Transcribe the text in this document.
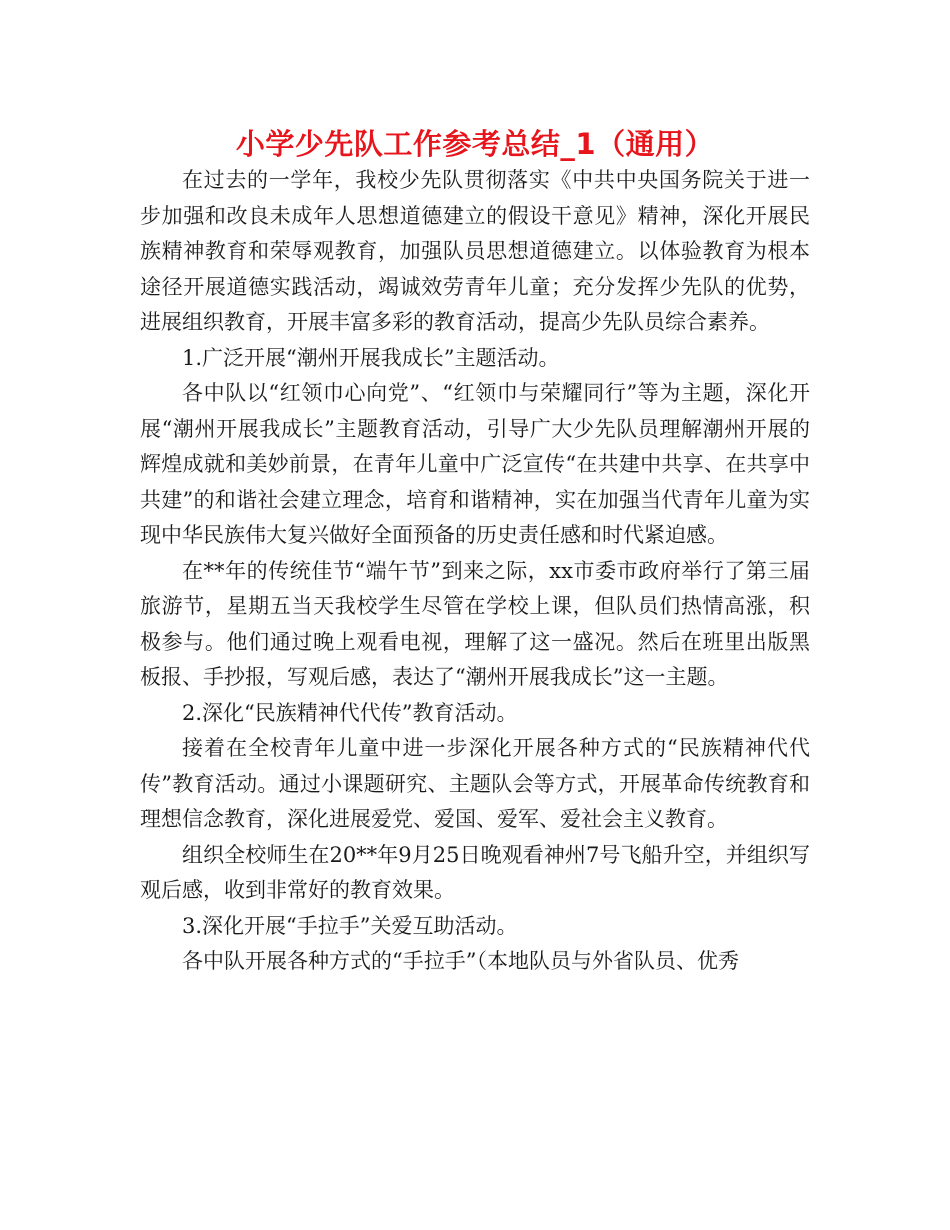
小学少先队工作参考总结_1（通用）

在过去的一学年，我校少先队贯彻落实《中共中央国务院关于进一步加强和改良未成年人思想道德建立的假设干意见》精神，深化开展民族精神教育和荣辱观教育，加强队员思想道德建立。以体验教育为根本途径开展道德实践活动，竭诚效劳青年儿童；充分发挥少先队的优势，进展组织教育，开展丰富多彩的教育活动，提高少先队员综合素养。

1.广泛开展“潮州开展我成长”主题活动。

各中队以“红领巾心向党”、“红领巾与荣耀同行”等为主题，深化开展“潮州开展我成长”主题教育活动，引导广大少先队员理解潮州开展的辉煌成就和美妙前景，在青年儿童中广泛宣传“在共建中共享、在共享中共建”的和谐社会建立理念，培育和谐精神，实在加强当代青年儿童为实现中华民族伟大复兴做好全面预备的历史责任感和时代紧迫感。

在**年的传统佳节“端午节”到来之际，xx市委市政府举行了第三届旅游节，星期五当天我校学生尽管在学校上课，但队员们热情高涨，积极参与。他们通过晚上观看电视，理解了这一盛况。然后在班里出版黑板报、手抄报，写观后感，表达了“潮州开展我成长”这一主题。

2.深化“民族精神代代传”教育活动。

接着在全校青年儿童中进一步深化开展各种方式的“民族精神代代传”教育活动。通过小课题研究、主题队会等方式，开展革命传统教育和理想信念教育，深化进展爱党、爱国、爱军、爱社会主义教育。

组织全校师生在20**年9月25日晚观看神州7号飞船升空，并组织写观后感，收到非常好的教育效果。

3.深化开展“手拉手”关爱互助活动。

各中队开展各种方式的“手拉手”（本地队员与外省队员、优秀
